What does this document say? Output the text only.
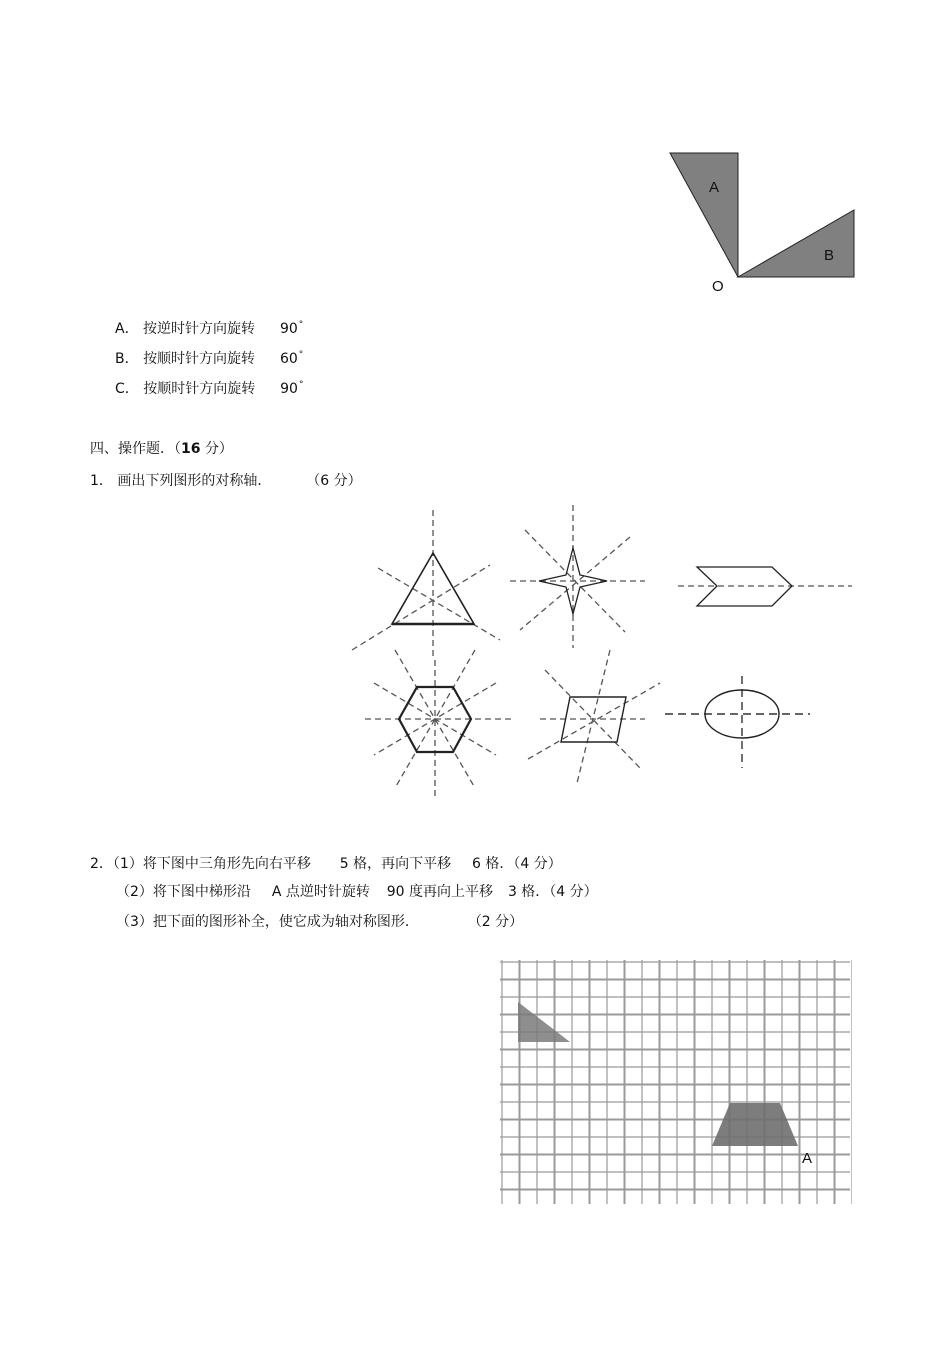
A
B
O
A． 按逆时针方向旋转 90°
B． 按顺时针方向旋转 60°
C． 按顺时针方向旋转 90°
四、操作题．（16 分）
1． 画出下列图形的对称轴． （6 分）
2．（1）将下图中三角形先向右平移 5 格，再向下平移 6 格．（4 分）
（2）将下图中梯形沿 A 点逆时针旋转 90 度再向上平移 3 格．（4 分）
（3）把下面的图形补全，使它成为轴对称图形．	（2 分）
A
